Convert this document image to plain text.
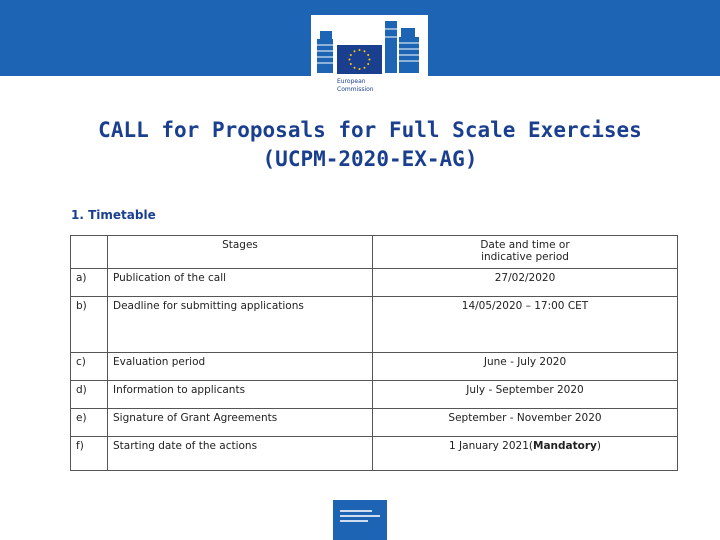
European
Commission
CALL for Proposals for Full Scale Exercises
(UCPM-2020-EX-AG)
1. Timetable
	Stages	Date and time or
indicative period
a)	Publication of the call	27/02/2020
b)	Deadline for submitting applications	14/05/2020 – 17:00 CET
c)	Evaluation period	June - July 2020
d)	Information to applicants	July - September 2020
e)	Signature of Grant Agreements	September - November 2020
f)	Starting date of the actions	1 January 2021(Mandatory)
